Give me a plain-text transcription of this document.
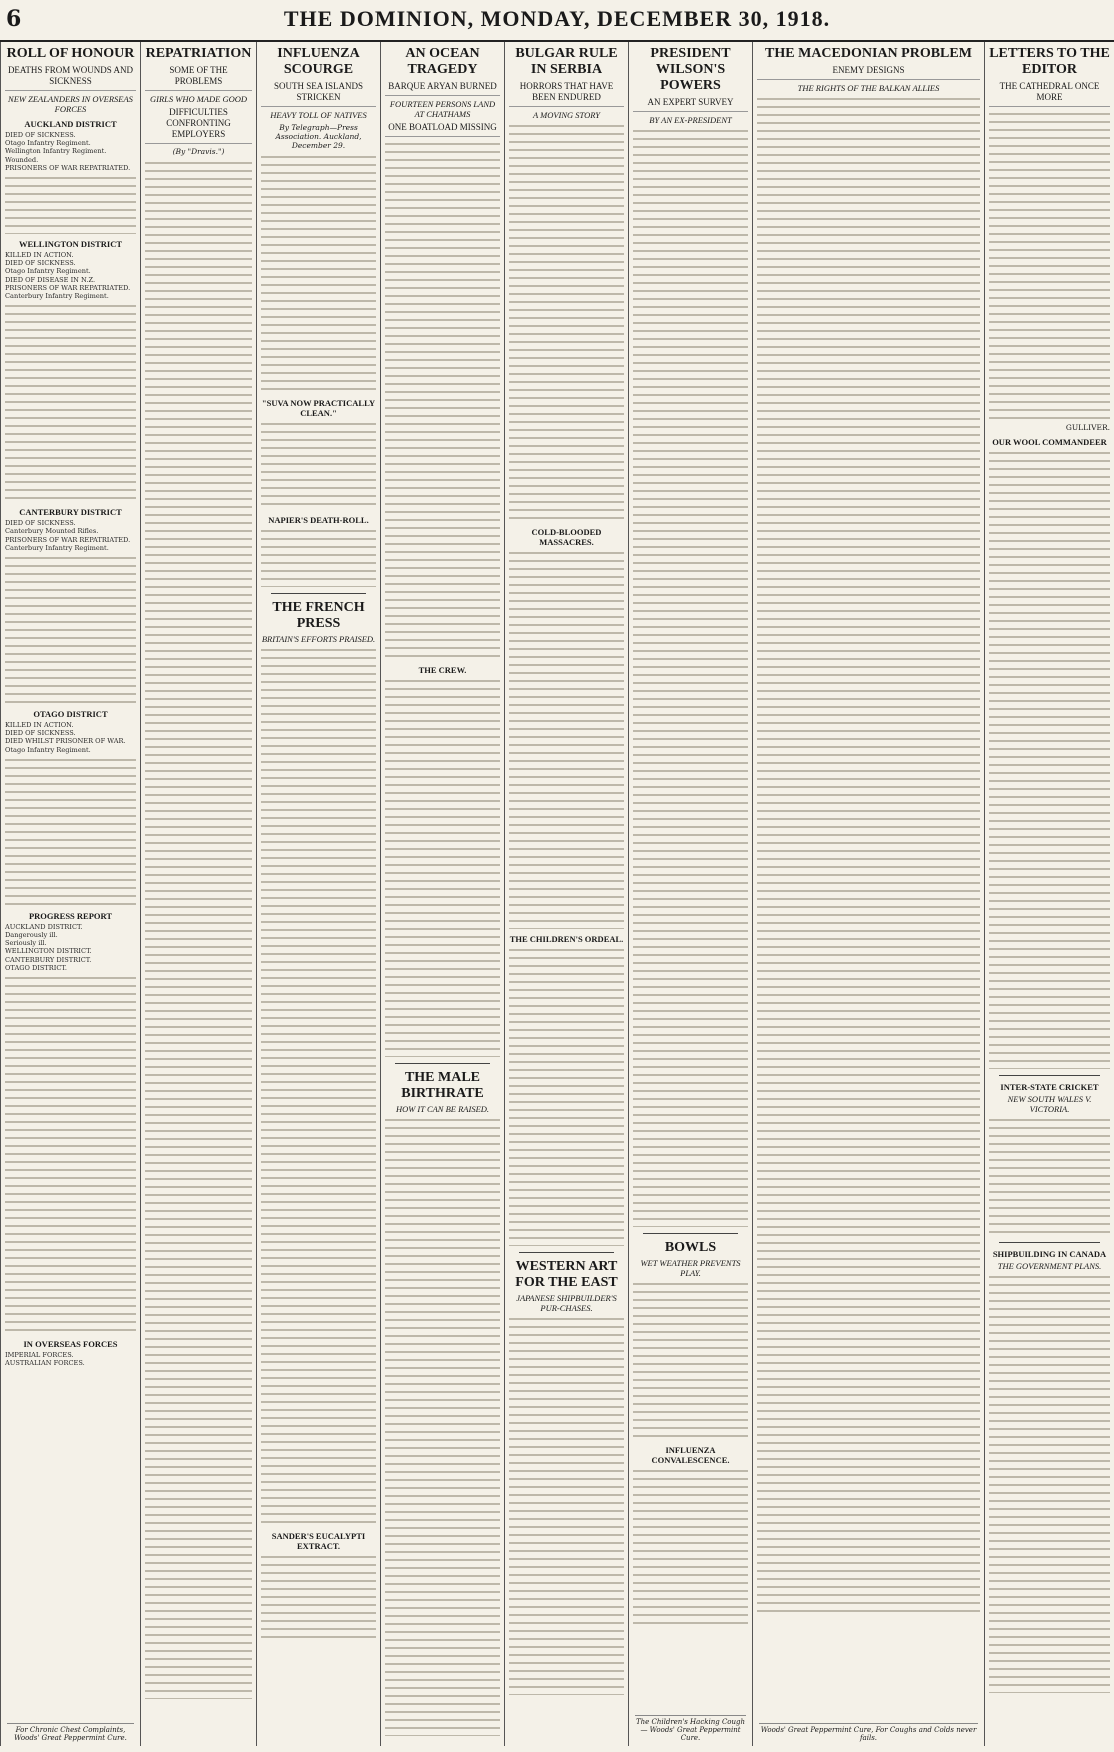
6	THE DOMINION, MONDAY, DECEMBER 30, 1918.
ROLL OF HONOUR
DEATHS FROM WOUNDS AND SICKNESS
NEW ZEALANDERS IN OVERSEAS FORCES
AUCKLAND DISTRICT
DIED OF SICKNESS.
Otago Infantry Regiment.
Wellington Infantry Regiment.
Wounded.
PRISONERS OF WAR REPATRIATED.
WELLINGTON DISTRICT
KILLED IN ACTION.
DIED OF SICKNESS.
Otago Infantry Regiment.
DIED OF DISEASE IN N.Z.
PRISONERS OF WAR REPATRIATED.
Canterbury Infantry Regiment.
CANTERBURY DISTRICT
DIED OF SICKNESS.
Canterbury Mounted Rifles.
PRISONERS OF WAR REPATRIATED.
Canterbury Infantry Regiment.
OTAGO DISTRICT
KILLED IN ACTION.
DIED OF SICKNESS.
DIED WHILST PRISONER OF WAR.
Otago Infantry Regiment.
PROGRESS REPORT
AUCKLAND DISTRICT.
Dangerously ill.
Seriously ill.
WELLINGTON DISTRICT.
CANTERBURY DISTRICT.
OTAGO DISTRICT.
IN OVERSEAS FORCES
IMPERIAL FORCES.
AUSTRALIAN FORCES.
For Chronic Chest Complaints, Woods' Great Peppermint Cure.
REPATRIATION
SOME OF THE PROBLEMS
GIRLS WHO MADE GOOD
DIFFICULTIES CONFRONTING EMPLOYERS
(By "Dravis.")
INFLUENZA SCOURGE
SOUTH SEA ISLANDS STRICKEN
HEAVY TOLL OF NATIVES
By Telegraph—Press Association. Auckland, December 29.
"SUVA NOW PRACTICALLY CLEAN."
NAPIER'S DEATH-ROLL.
THE FRENCH PRESS
BRITAIN'S EFFORTS PRAISED.
SANDER'S EUCALYPTI EXTRACT.
AN OCEAN TRAGEDY
BARQUE ARYAN BURNED
FOURTEEN PERSONS LAND AT CHATHAMS
ONE BOATLOAD MISSING
THE CREW.
THE MALE BIRTHRATE
HOW IT CAN BE RAISED.
BULGAR RULE IN SERBIA
HORRORS THAT HAVE BEEN ENDURED
A MOVING STORY
COLD-BLOODED MASSACRES.
THE CHILDREN'S ORDEAL.
WESTERN ART FOR THE EAST
JAPANESE SHIPBUILDER'S PUR-CHASES.
PRESIDENT WILSON'S POWERS
AN EXPERT SURVEY
BY AN EX-PRESIDENT
BOWLS
WET WEATHER PREVENTS PLAY.
INFLUENZA CONVALESCENCE.
The Children's Hacking Cough— Woods' Great Peppermint Cure.
THE MACEDONIAN PROBLEM
ENEMY DESIGNS
THE RIGHTS OF THE BALKAN ALLIES
Woods' Great Peppermint Cure, For Coughs and Colds never fails.
LETTERS TO THE EDITOR
THE CATHEDRAL ONCE MORE
GULLIVER.
OUR WOOL COMMANDEER
INTER-STATE CRICKET
NEW SOUTH WALES V. VICTORIA.
SHIPBUILDING IN CANADA
THE GOVERNMENT PLANS.
